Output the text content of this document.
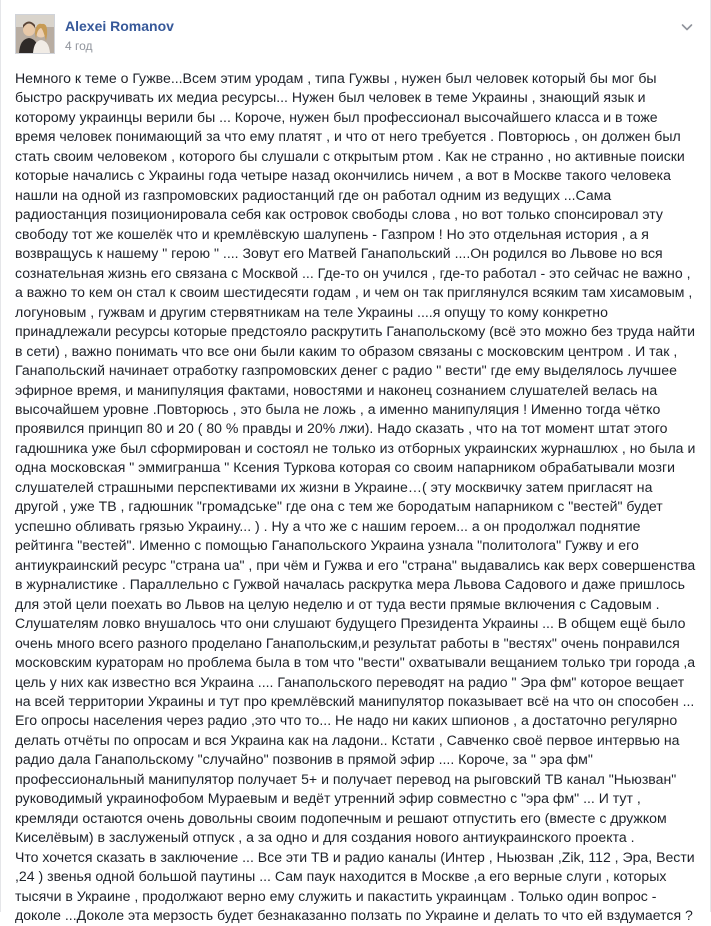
Alexei Romanov
4 год
Немного к теме о Гужве...Всем этим уродам , типа Гужвы , нужен был человек который бы мог бы
быстро раскручивать их медиа ресурсы... Нужен был человек в теме Украины , знающий язык и
которому украинцы верили бы ... Короче, нужен был профессионал высочайшего класса и в тоже
время человек понимающий за что ему платят , и что от него требуется . Повторюсь , он должен был
стать своим человеком , которого бы слушали с открытым ртом . Как не странно , но активные поиски
которые начались с Украины года четыре назад окончились ничем , а вот в Москве такого человека
нашли на одной из газпромовских радиостанций где он работал одним из ведущих ...Сама
радиостанция позиционировала себя как островок свободы слова , но вот только спонсировал эту
свободу тот же кошелёк что и кремлёвскую шалупень - Газпром ! Но это отдельная история , а я
возвращусь к нашему " герою " .... Зовут его Матвей Ганапольский ....Он родился во Львове но вся
сознательная жизнь его связана с Москвой ... Где-то он учился , где-то работал - это сейчас не важно ,
а важно то кем он стал к своим шестидесяти годам , и чем он так приглянулся всяким там хисамовым ,
логуновым , гужвам и другим стервятникам на теле Украины ....я опущу то кому конкретно
принадлежали ресурсы которые предстояло раскрутить Ганапольскому (всё это можно без труда найти
в сети) , важно понимать что все они были каким то образом связаны с московским центром . И так ,
Ганапольский начинает отработку газпромовских денег с радио " вести" где ему выделялось лучшее
эфирное время, и манипуляция фактами, новостями и наконец сознанием слушателей велась на
высочайшем уровне .Повторюсь , это была не ложь , а именно манипуляция ! Именно тогда чётко
проявился принцип 80 и 20 ( 80 % правды и 20% лжи). Надо сказать , что на тот момент штат этого
гадюшника уже был сформирован и состоял не только из отборных украинских журнашлюх , но была и
одна московская " эммигранша " Ксения Туркова которая со своим напарником обрабатывали мозги
слушателей страшными перспективами их жизни в Украине…( эту москвичку затем пригласят на
другой , уже ТВ , гадюшник "громадське" где она с тем же бородатым напарником с "вестей" будет
успешно обливать грязью Украину... ) . Ну а что же с нашим героем... а он продолжал поднятие
рейтинга "вестей". Именно с помощью Ганапольского Украина узнала "политолога" Гужву и его
антиукраинский ресурс "страна ua" , при чём и Гужва и его "страна" выдавались как верх совершенства
в журналистике . Параллельно с Гужвой началась раскрутка мера Львова Садового и даже пришлось
для этой цели поехать во Львов на целую неделю и от туда вести прямые включения с Садовым .
Слушателям ловко внушалось что они слушают будущего Президента Украины ... В общем ещё было
очень много всего разного проделано Ганапольским,и результат работы в "вестях" очень понравился
московским кураторам но проблема была в том что "вести" охватывали вещанием только три города ,а
цель у них как известно вся Украина .... Ганапольского переводят на радио " Эра фм" которое вещает
на всей территории Украины и тут про кремлёвский манипулятор показывает всё на что он способен ...
Его опросы населения через радио ,это что то... Не надо ни каких шпионов , а достаточно регулярно
делать отчёты по опросам и вся Украина как на ладони.. Кстати , Савченко своё первое интервью на
радио дала Ганапольскому "случайно" позвонив в прямой эфир .... Короче, за " эра фм"
профессиональный манипулятор получает 5+ и получает перевод на рыговский ТВ канал "Ньюзван"
руководимый украинофобом Мураевым и ведёт утренний эфир совместно с "эра фм" ... И тут ,
кремляди остаются очень довольны своим подопечным и решают отпустить его (вместе с дружком
Киселёвым) в заслуженый отпуск , а за одно и для создания нового антиукраинского проекта .
Что хочется сказать в заключение ... Все эти ТВ и радио каналы (Интер , Ньюзван ,Zik, 112 , Эра, Вести
,24 ) звенья одной большой паутины ... Сам паук находится в Москве ,а его верные слуги , которых
тысячи в Украине , продолжают верно ему служить и пакастить украинцам . Только один вопрос -
доколе ...Доколе эта мерзость будет безнаказанно ползать по Украине и делать то что ей вздумается ?
